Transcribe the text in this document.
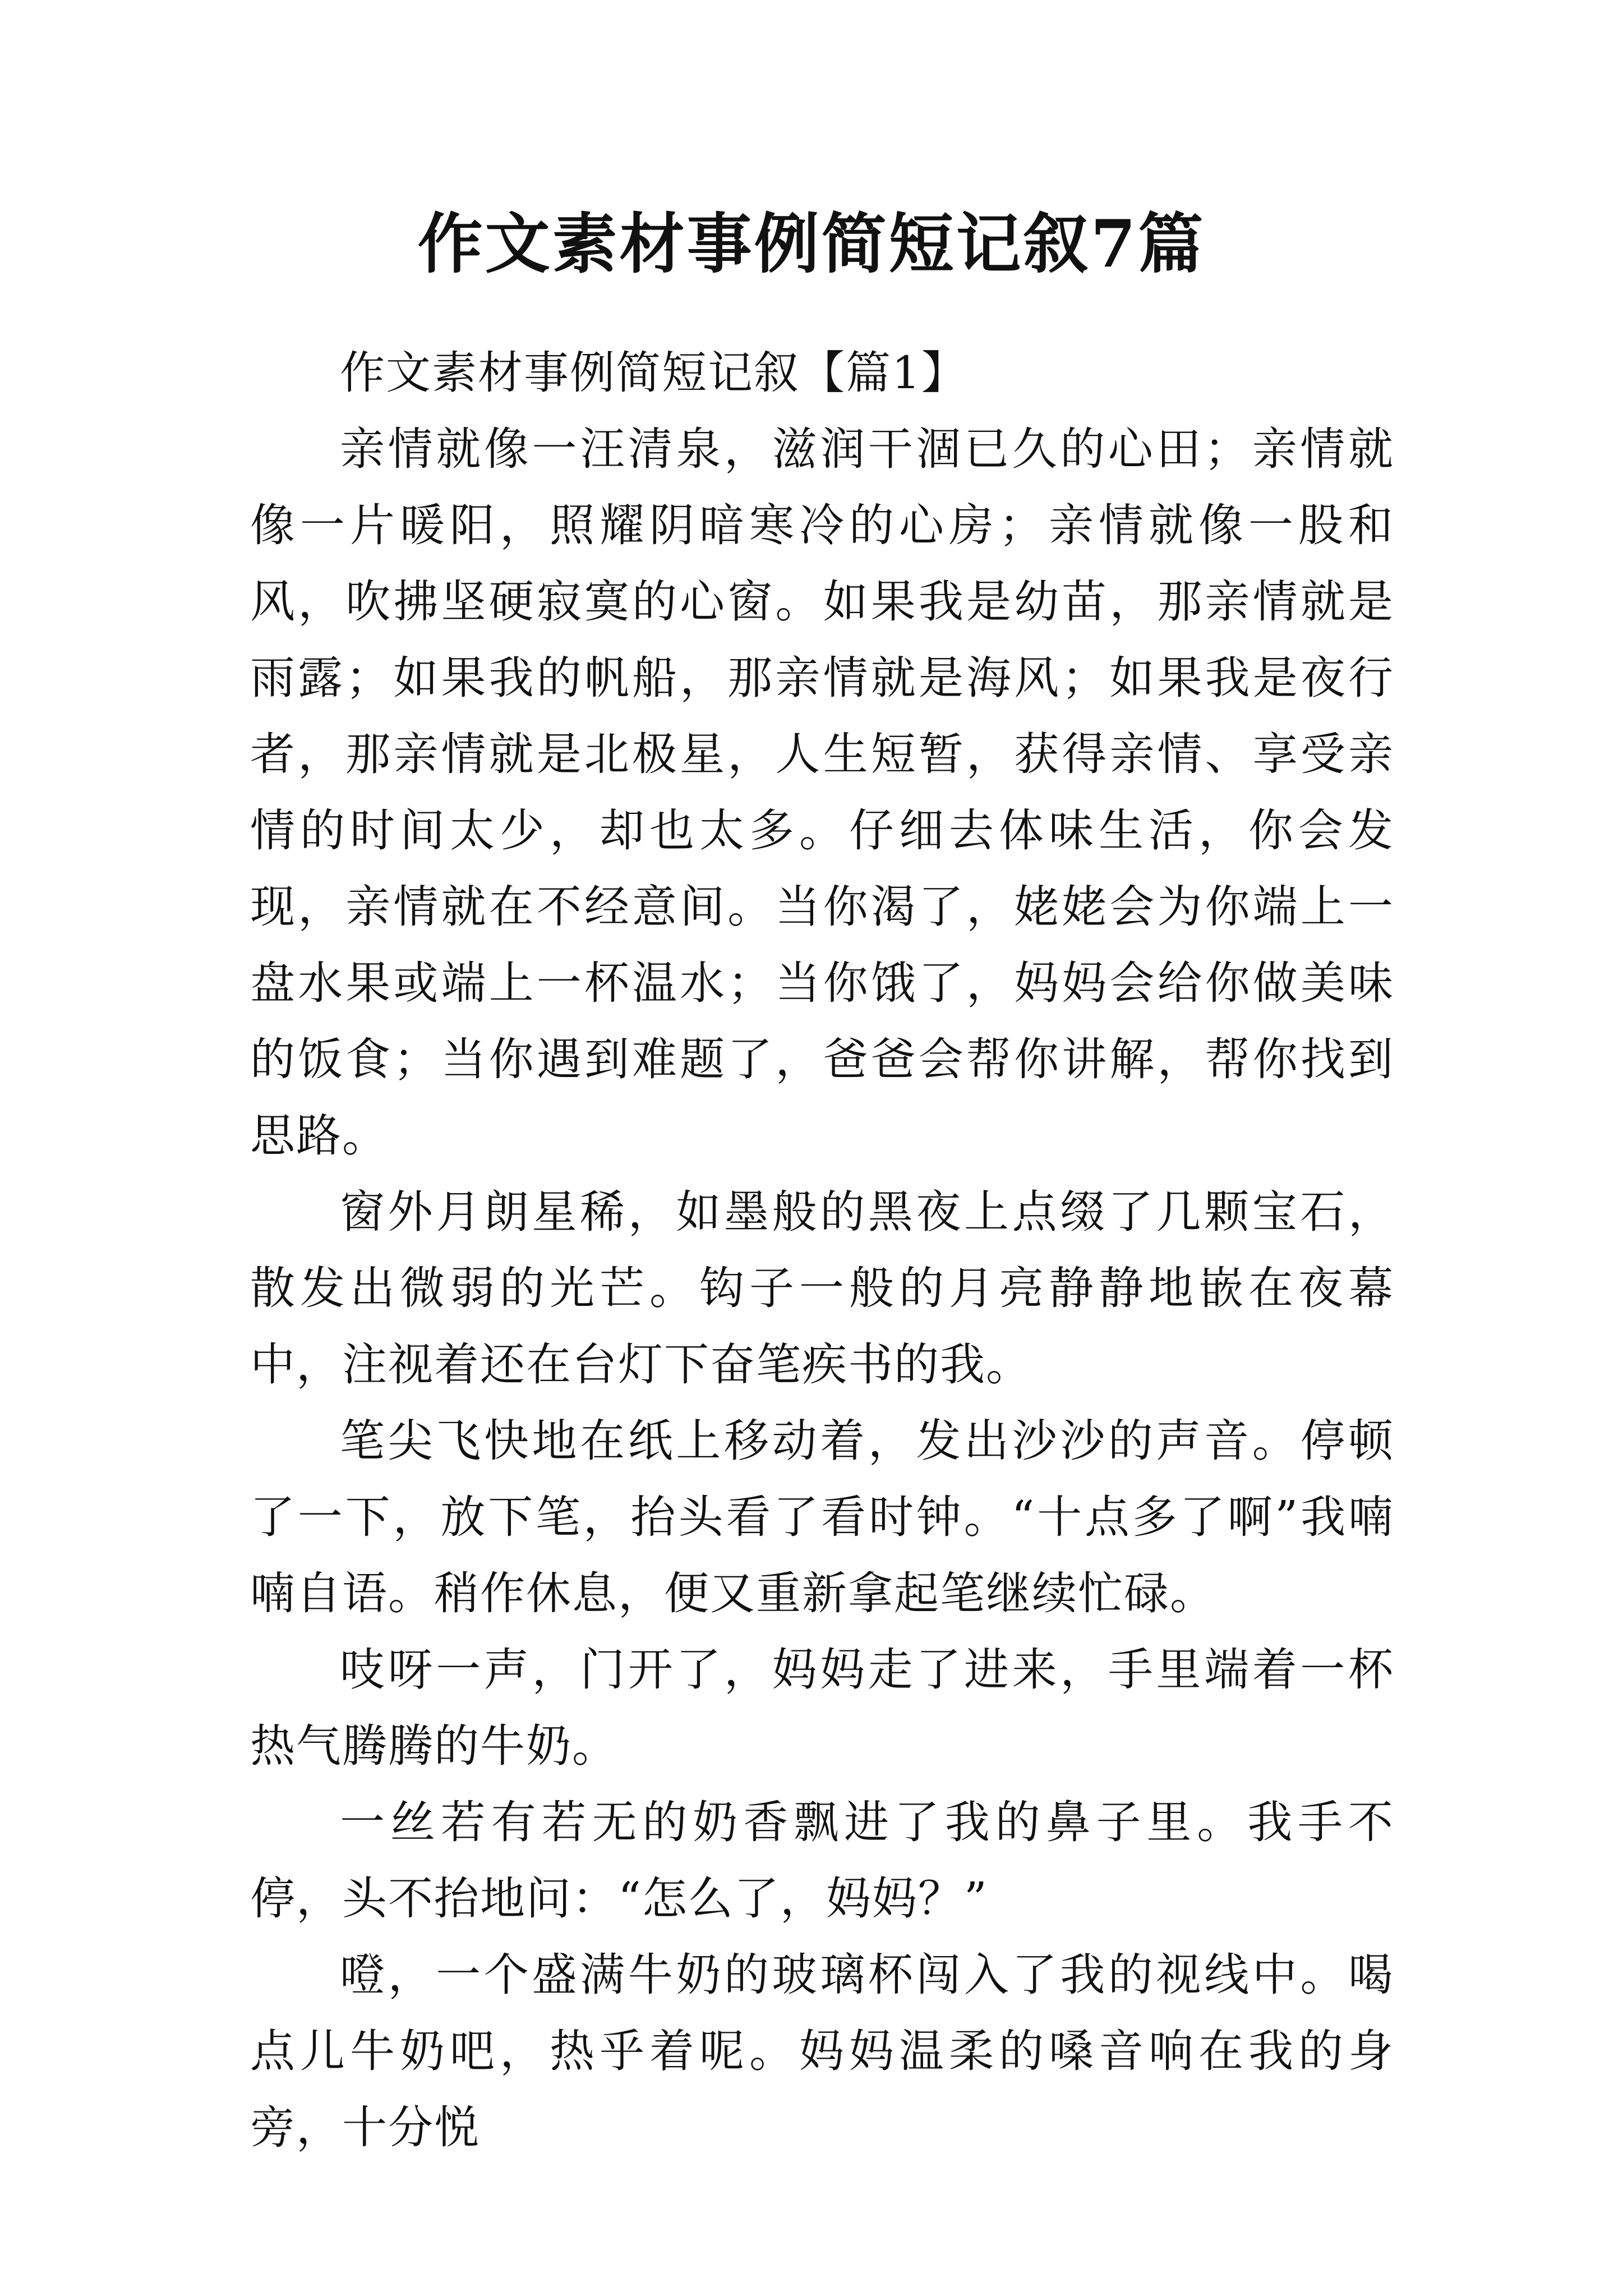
作文素材事例简短记叙7篇

作文素材事例简短记叙【篇1】

亲情就像一汪清泉，滋润干涸已久的心田；亲情就像一片暖阳，照耀阴暗寒冷的心房；亲情就像一股和风，吹拂坚硬寂寞的心窗。如果我是幼苗，那亲情就是雨露；如果我的帆船，那亲情就是海风；如果我是夜行者，那亲情就是北极星，人生短暂，获得亲情、享受亲情的时间太少，却也太多。仔细去体味生活，你会发现，亲情就在不经意间。当你渴了，姥姥会为你端上一盘水果或端上一杯温水；当你饿了，妈妈会给你做美味的饭食；当你遇到难题了，爸爸会帮你讲解，帮你找到思路。

窗外月朗星稀，如墨般的黑夜上点缀了几颗宝石，散发出微弱的光芒。钩子一般的月亮静静地嵌在夜幕中，注视着还在台灯下奋笔疾书的我。

笔尖飞快地在纸上移动着，发出沙沙的声音。停顿了一下，放下笔，抬头看了看时钟。“十点多了啊”我喃喃自语。稍作休息，便又重新拿起笔继续忙碌。

吱呀一声，门开了，妈妈走了进来，手里端着一杯热气腾腾的牛奶。

一丝若有若无的奶香飘进了我的鼻子里。我手不停，头不抬地问：“怎么了，妈妈？”

噔，一个盛满牛奶的玻璃杯闯入了我的视线中。喝点儿牛奶吧，热乎着呢。妈妈温柔的嗓音响在我的身旁，十分悦
